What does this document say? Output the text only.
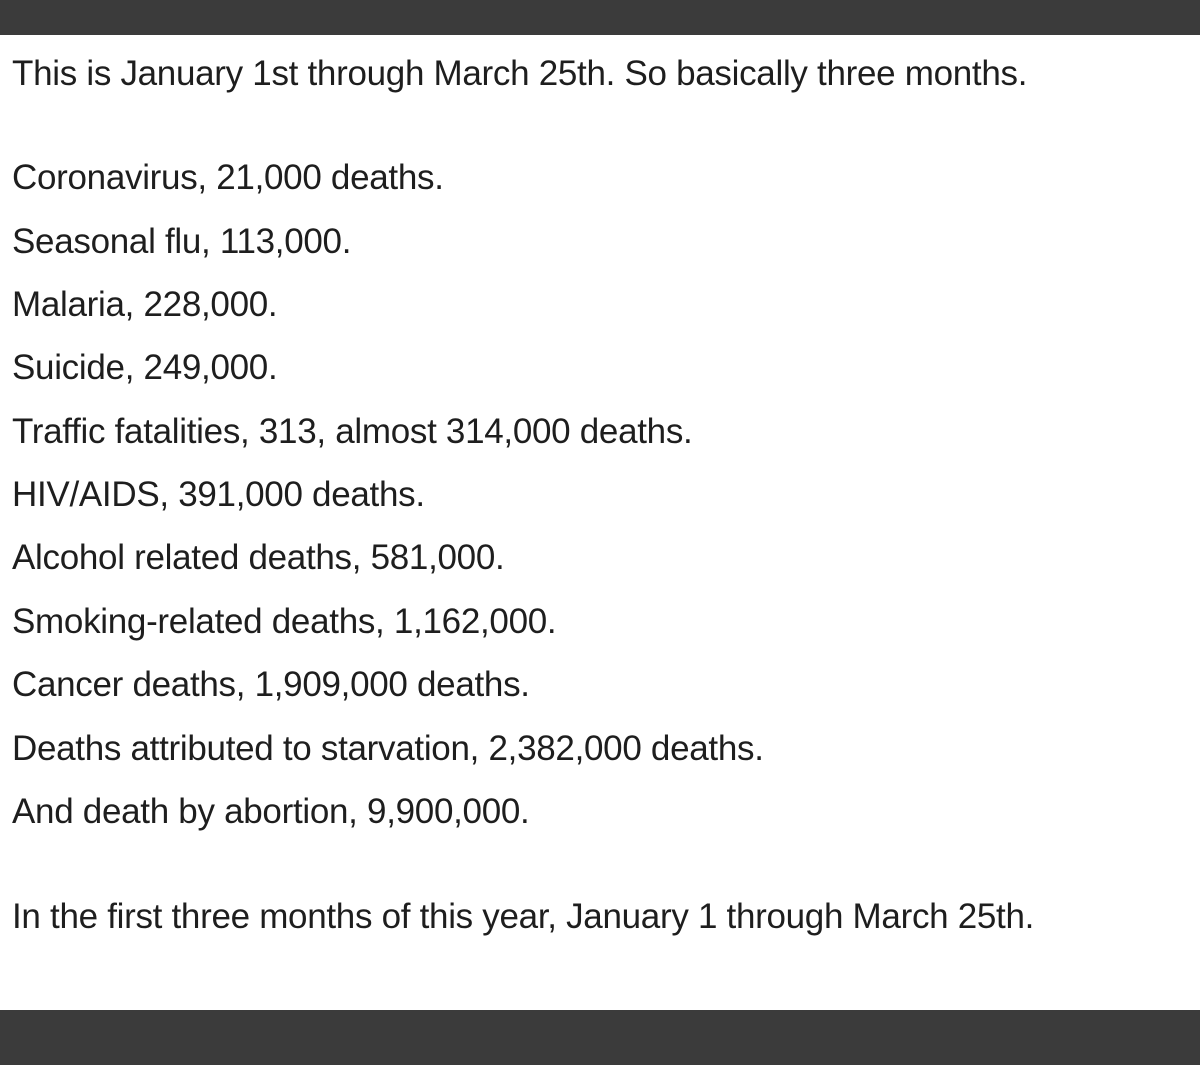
This is January 1st through March 25th. So basically three months.

Coronavirus, 21,000 deaths.

Seasonal flu, 113,000.

Malaria, 228,000.

Suicide, 249,000.

Traffic fatalities, 313, almost 314,000 deaths.

HIV/AIDS, 391,000 deaths.

Alcohol related deaths, 581,000.

Smoking-related deaths, 1,162,000.

Cancer deaths, 1,909,000 deaths.

Deaths attributed to starvation, 2,382,000 deaths.

And death by abortion, 9,900,000.

In the first three months of this year, January 1 through March 25th.
